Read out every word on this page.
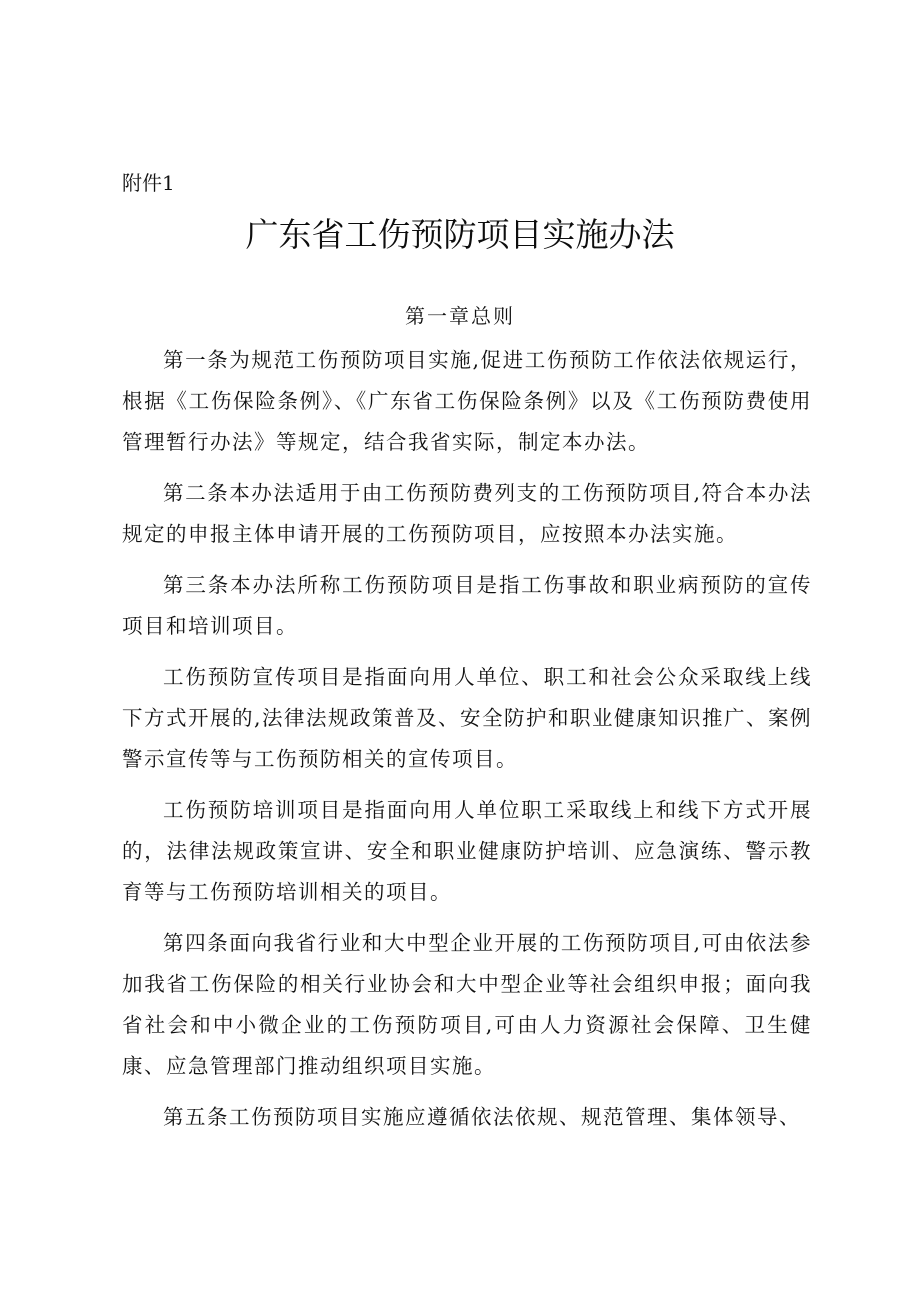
附件1
广东省工伤预防项目实施办法
第一章总则

第一条为规范工伤预防项目实施,促进工伤预防工作依法依规运行，根据《工伤保险条例》、《广东省工伤保险条例》以及《工伤预防费使用管理暂行办法》等规定，结合我省实际，制定本办法。

第二条本办法适用于由工伤预防费列支的工伤预防项目,符合本办法规定的申报主体申请开展的工伤预防项目，应按照本办法实施。

第三条本办法所称工伤预防项目是指工伤事故和职业病预防的宣传项目和培训项目。

工伤预防宣传项目是指面向用人单位、职工和社会公众采取线上线下方式开展的,法律法规政策普及、安全防护和职业健康知识推广、案例警示宣传等与工伤预防相关的宣传项目。

工伤预防培训项目是指面向用人单位职工采取线上和线下方式开展的，法律法规政策宣讲、安全和职业健康防护培训、应急演练、警示教育等与工伤预防培训相关的项目。

第四条面向我省行业和大中型企业开展的工伤预防项目,可由依法参加我省工伤保险的相关行业协会和大中型企业等社会组织申报；面向我省社会和中小微企业的工伤预防项目,可由人力资源社会保障、卫生健康、应急管理部门推动组织项目实施。

第五条工伤预防项目实施应遵循依法依规、规范管理、集体领导、
